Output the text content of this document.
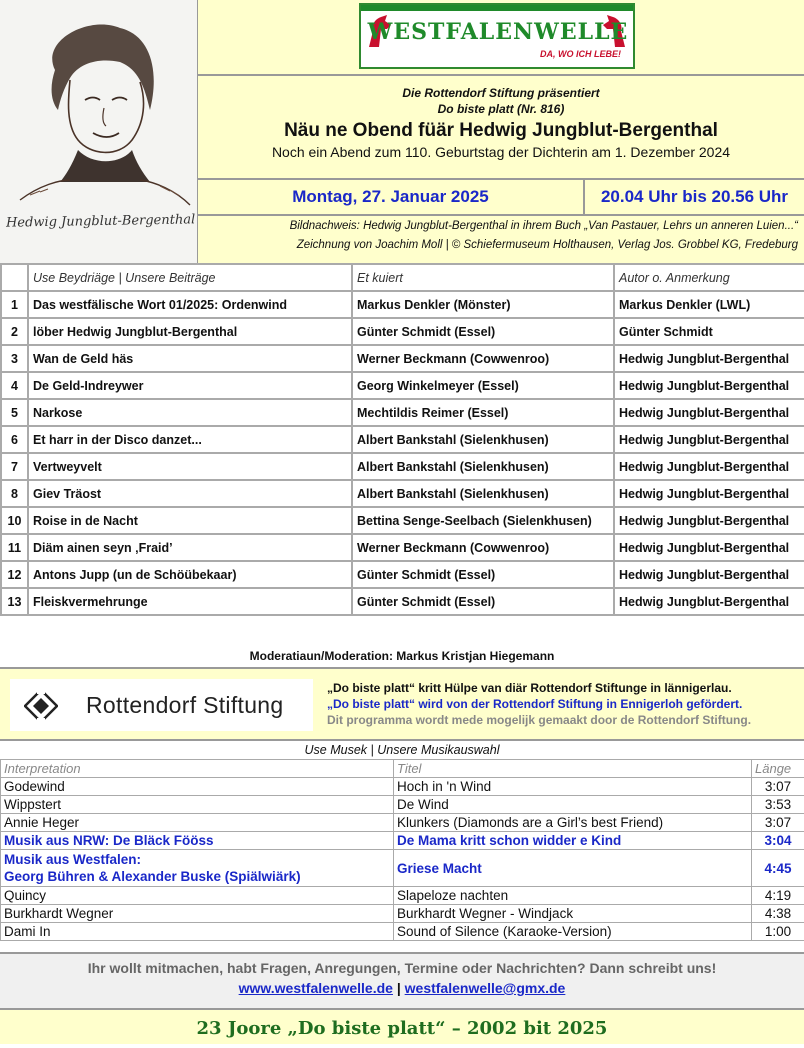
Hedwig Jungblut-Bergenthal
WESTFALENWELLE
DA, WO ICH LEBE!
Die Rottendorf Stiftung präsentiert
Do biste platt (Nr. 816)
Näu ne Obend füär Hedwig Jungblut-Bergenthal
Noch ein Abend zum 110. Geburtstag der Dichterin am 1. Dezember 2024
Montag, 27. Januar 2025	20.04 Uhr bis 20.56 Uhr
Bildnachweis: Hedwig Jungblut-Bergenthal in ihrem Buch „Van Pastauer, Lehrs un anneren Luien...“
Zeichnung von Joachim Moll | © Schiefermuseum Holthausen, Verlag Jos. Grobbel KG, Fredeburg
	Use Beydriäge | Unsere Beiträge	Et kuiert	Autor o. Anmerkung
1	Das westfälische Wort 01/2025: Ordenwind	Markus Denkler (Mönster)	Markus Denkler (LWL)
2	löber Hedwig Jungblut-Bergenthal	Günter Schmidt (Essel)	Günter Schmidt
3	Wan de Geld häs	Werner Beckmann (Cowwenroo)	Hedwig Jungblut-Bergenthal
4	De Geld-Indreywer	Georg Winkelmeyer (Essel)	Hedwig Jungblut-Bergenthal
5	Narkose	Mechtildis Reimer (Essel)	Hedwig Jungblut-Bergenthal
6	Et harr in der Disco danzet...	Albert Bankstahl (Sielenkhusen)	Hedwig Jungblut-Bergenthal
7	Vertweyvelt	Albert Bankstahl (Sielenkhusen)	Hedwig Jungblut-Bergenthal
8	Giev Träost	Albert Bankstahl (Sielenkhusen)	Hedwig Jungblut-Bergenthal
10	Roise in de Nacht	Bettina Senge-Seelbach (Sielenkhusen)	Hedwig Jungblut-Bergenthal
11	Diäm ainen seyn ‚Fraid’	Werner Beckmann (Cowwenroo)	Hedwig Jungblut-Bergenthal
12	Antons Jupp (un de Schöübekaar)	Günter Schmidt (Essel)	Hedwig Jungblut-Bergenthal
13	Fleiskvermehrunge	Günter Schmidt (Essel)	Hedwig Jungblut-Bergenthal
Moderatiaun/Moderation: Markus Kristjan Hiegemann
Rottendorf Stiftung
„Do biste platt“ kritt Hülpe van diär Rottendorf Stiftunge in lännigerlau.
„Do biste platt“ wird von der Rottendorf Stiftung in Ennigerloh gefördert.
Dit programma wordt mede mogelijk gemaakt door de Rottendorf Stiftung.
Use Musek | Unsere Musikauswahl
Interpretation	Titel	Länge
Godewind	Hoch in 'n Wind	3:07
Wippstert	De Wind	3:53
Annie Heger	Klunkers (Diamonds are a Girl’s best Friend)	3:07
Musik aus NRW: De Bläck Fööss	De Mama kritt schon widder e Kind	3:04

Musik aus Westfalen:
Georg Bühren & Alexander Buske (Spiälwiärk)	Griese Macht	4:45
Quincy	Slapeloze nachten	4:19
Burkhardt Wegner	Burkhardt Wegner - Windjack	4:38
Dami In	Sound of Silence (Karaoke-Version)	1:00
Ihr wollt mitmachen, habt Fragen, Anregungen, Termine oder Nachrichten? Dann schreibt uns!
www.westfalenwelle.de | westfalenwelle@gmx.de
23 Joore „Do biste platt“ – 2002 bit 2025
